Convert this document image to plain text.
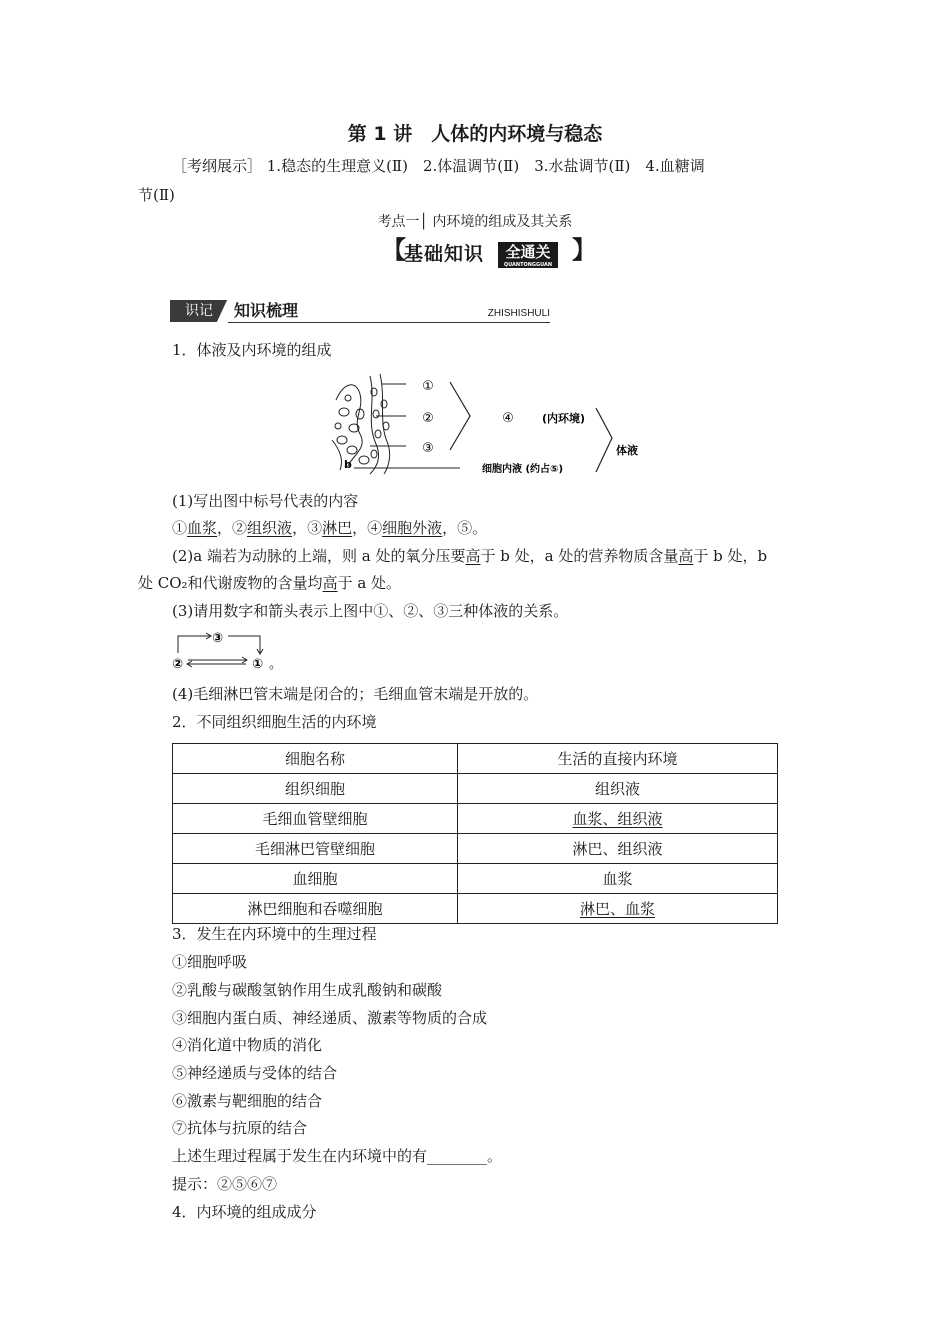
第 1 讲　人体的内环境与稳态
［考纲展示］ 1.稳态的生理意义(Ⅱ)　2.体温调节(Ⅱ)　3.水盐调节(Ⅱ)　4.血糖调
节(Ⅱ)
考点一│ 内环境的组成及其关系
【
基础知识	全通关
QUANTONGGUAN
】
识记	知识梳理	ZHISHISHULI
1．体液及内环境的组成
①
②
③
b
④	(内环境)
细胞内液 (约占⑤)
体液
(1)写出图中标号代表的内容
①血浆，②组织液，③淋巴，④细胞外液，⑤。
(2)a 端若为动脉的上端，则 a 处的氧分压要高于 b 处，a 处的营养物质含量高于 b 处，b
处 CO₂和代谢废物的含量均高于 a 处。
(3)请用数字和箭头表示上图中①、②、③三种体液的关系。
③
②	① 。
(4)毛细淋巴管末端是闭合的；毛细血管末端是开放的。
2．不同组织细胞生活的内环境
细胞名称	生活的直接内环境
组织细胞	组织液
毛细血管壁细胞	血浆、组织液
毛细淋巴管壁细胞	淋巴、组织液
血细胞	血浆
淋巴细胞和吞噬细胞	淋巴、血浆
3．发生在内环境中的生理过程
①细胞呼吸
②乳酸与碳酸氢钠作用生成乳酸钠和碳酸
③细胞内蛋白质、神经递质、激素等物质的合成
④消化道中物质的消化
⑤神经递质与受体的结合
⑥激素与靶细胞的结合
⑦抗体与抗原的结合
上述生理过程属于发生在内环境中的有________。
提示：②⑤⑥⑦
4．内环境的组成成分
